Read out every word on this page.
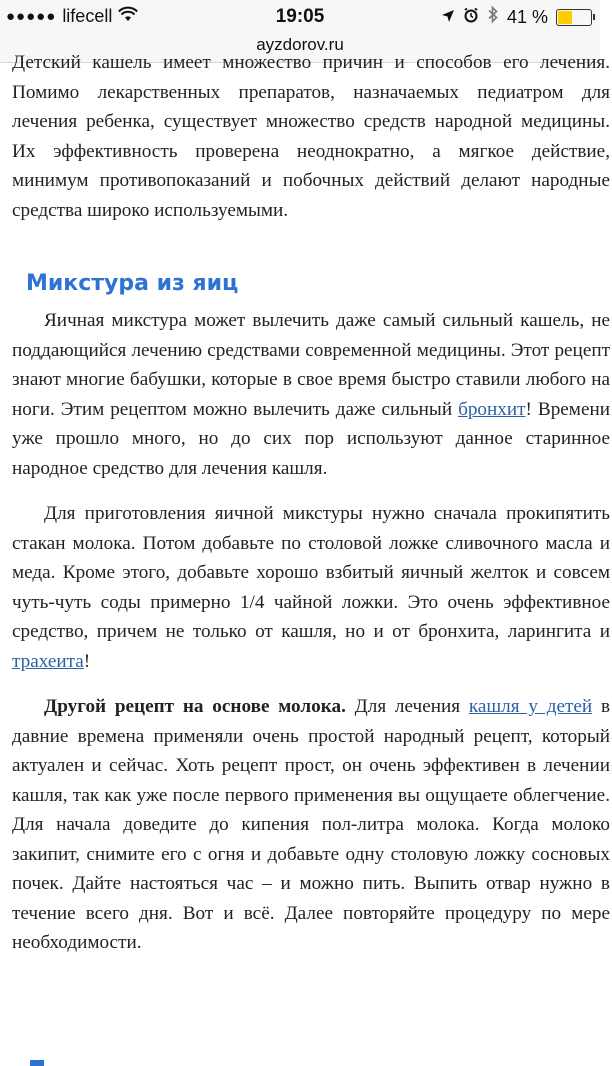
●●●●● lifecell	19:05	41 %
ayzdorov.ru

Детский кашель имеет множество причин и способов его лечения. Помимо лекарственных препаратов, назначаемых педиатром для лечения ребенка, существует множество средств народной медицины. Их эффективность проверена неоднократно, а мягкое действие, минимум противопоказаний и побочных действий делают народные средства широко используемыми.

Микстура из яиц

Яичная микстура может вылечить даже самый сильный кашель, не поддающийся лечению средствами современной медицины. Этот рецепт знают многие бабушки, которые в свое время быстро ставили любого на ноги. Этим рецептом можно вылечить даже сильный бронхит! Времени уже прошло много, но до сих пор используют данное старинное народное средство для лечения кашля.

Для приготовления яичной микстуры нужно сначала прокипятить стакан молока. Потом добавьте по столовой ложке сливочного масла и меда. Кроме этого, добавьте хорошо взбитый яичный желток и совсем чуть-чуть соды примерно 1/4 чайной ложки. Это очень эффективное средство, причем не только от кашля, но и от бронхита, ларингита и трахеита!

Другой рецепт на основе молока. Для лечения кашля у детей в давние времена применяли очень простой народный рецепт, который актуален и сейчас. Хоть рецепт прост, он очень эффективен в лечении кашля, так как уже после первого применения вы ощущаете облегчение. Для начала доведите до кипения пол-литра молока. Когда молоко закипит, снимите его с огня и добавьте одну столовую ложку сосновых почек. Дайте настояться час – и можно пить. Выпить отвар нужно в течение всего дня. Вот и всё. Далее повторяйте процедуру по мере необходимости.
